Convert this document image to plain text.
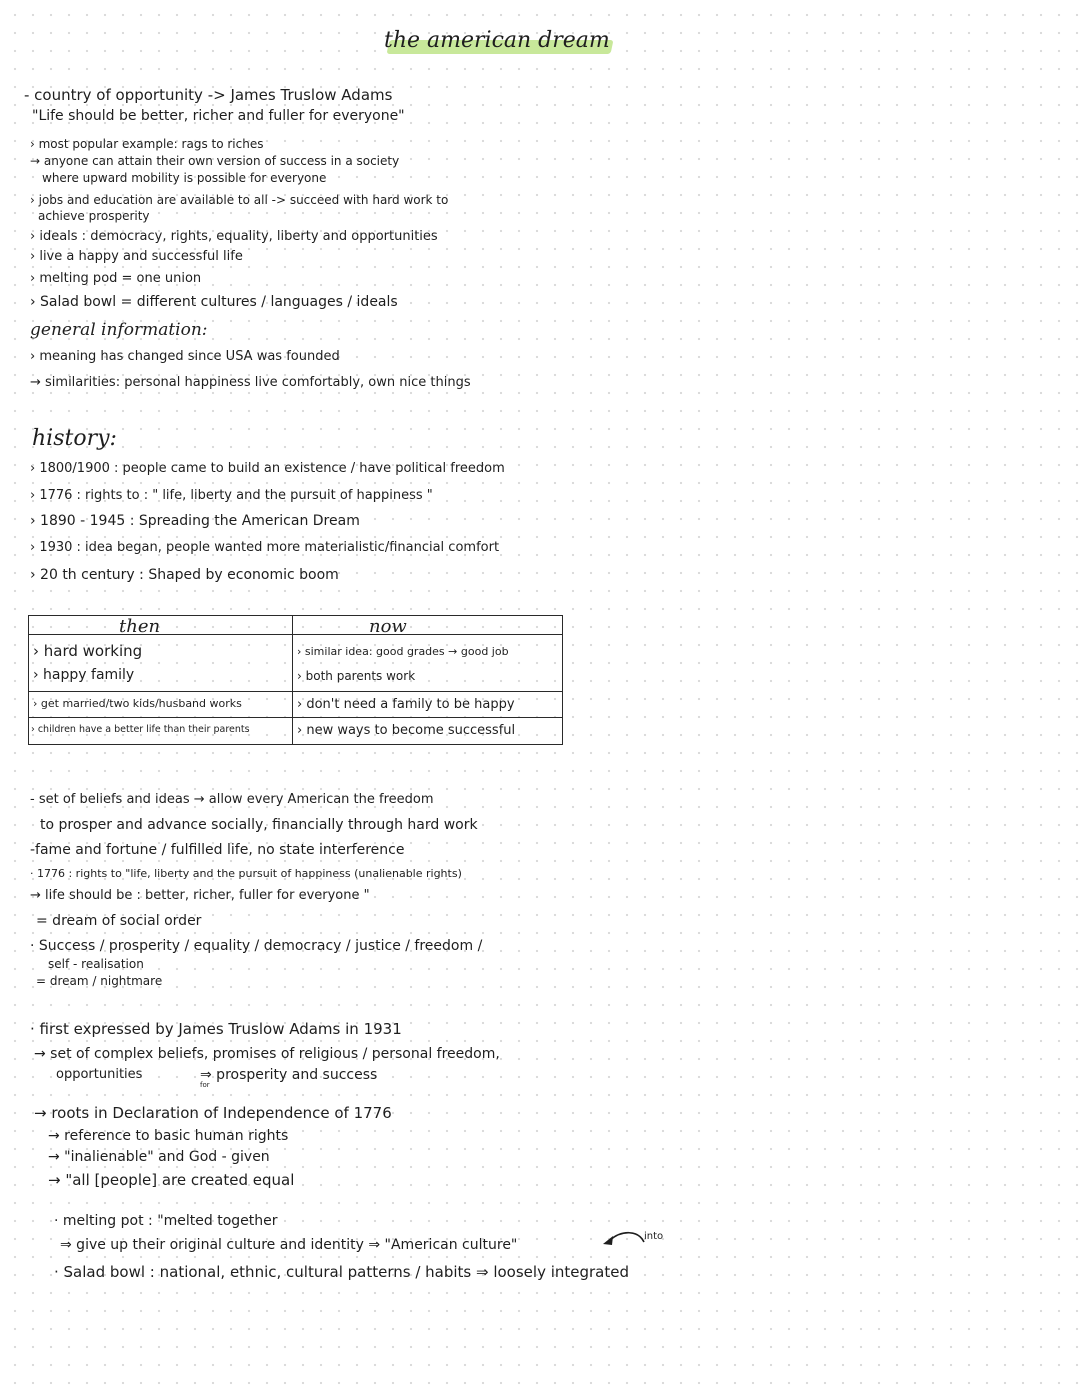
the american dream
- country of opportunity -> James Truslow Adams
"Life should be better, richer and fuller for everyone"
› most popular example: rags to riches
→ anyone can attain their own version of success in a society
where upward mobility is possible for everyone
› jobs and education are available to all -> succeed with hard work to
achieve prosperity
› ideals : democracy, rights, equality, liberty and opportunities
› live a happy and successful life
› melting pod = one union
› Salad bowl = different cultures / languages / ideals
general information:
› meaning has changed since USA was founded
→ similarities: personal happiness live comfortably, own nice things
history:
› 1800/1900 : people came to build an existence / have political freedom
› 1776 : rights to : " life, liberty and the pursuit of happiness "
› 1890 - 1945 : Spreading the American Dream
› 1930 : idea began, people wanted more materialistic/financial comfort
› 20 th century : Shaped by economic boom
then	now
› hard working	› similar idea: good grades → good job
› happy family	› both parents work
› get married/two kids/husband works	› don't need a family to be happy
› children have a better life than their parents	› new ways to become successful
- set of beliefs and ideas → allow every American the freedom
to prosper and advance socially, financially through hard work
-fame and fortune / fulfilled life, no state interference
· 1776 : rights to "life, liberty and the pursuit of happiness (unalienable rights)
→ life should be : better, richer, fuller for everyone "
= dream of social order
· Success / prosperity / equality / democracy / justice / freedom /
self - realisation
= dream / nightmare
· first expressed by James Truslow Adams in 1931
→ set of complex beliefs, promises of religious / personal freedom,
opportunities
for
⇒ prosperity and success
→ roots in Declaration of Independence of 1776
→ reference to basic human rights
→ "inalienable" and God - given
→ "all [people] are created equal
· melting pot : "melted together
⇒ give up their original culture and identity ⇒ "American culture"
into
· Salad bowl : national, ethnic, cultural patterns / habits ⇒ loosely integrated
